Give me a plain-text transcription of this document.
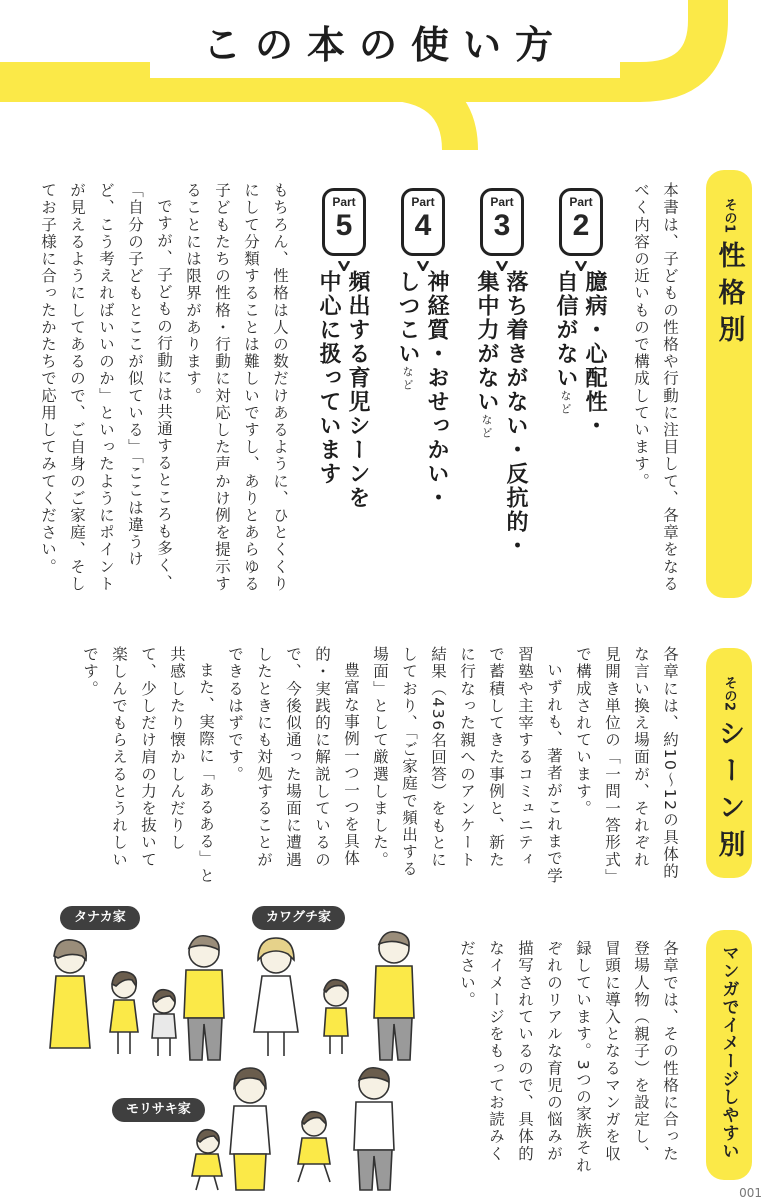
この本の使い方
その1
性格別
その2
シーン別
マンガでイメージしやすい
本書は、子どもの性格や行動に注目して、各章をなるべく内容の近いもので構成しています。
Part
2
Part
3
Part
4
Part
5
臆病・心配性・自信がないなど
落ち着きがない・反抗的・集中力がないなど
神経質・おせっかい・しつこいなど
頻出する育児シーンを中心に扱っています

もちろん、性格は人の数だけあるように、ひとくくりにして分類することは難しいですし、ありとあらゆる子どもたちの性格・行動に対応した声かけ例を提示することには限界があります。

ですが、子どもの行動には共通するところも多く、「自分の子どもとここが似ている」「ここは違うけど、こう考えればいいのか」といったようにポイントが見えるようにしてあるので、ご自身のご家庭、そしてお子様に合ったかたちで応用してみてください。

各章には、約10～12の具体的な言い換え場面が、それぞれ見開き単位の「一問一答形式」で構成されています。

いずれも、著者がこれまで学習塾や主宰するコミュニティで蓄積してきた事例と、新たに行なった親へのアンケート結果（436名回答）をもとにしており、「ご家庭で頻出する場面」として厳選しました。

豊富な事例一つ一つを具体的・実践的に解説しているので、今後似通った場面に遭遇したときにも対処することができるはずです。

また、実際に「あるある」と共感したり懐かしんだりして、少しだけ肩の力を抜いて楽しんでもらえるとうれしいです。

各章では、その性格に合った登場人物（親子）を設定し、冒頭に導入となるマンガを収録しています。3つの家族それぞれのリアルな育児の悩みが描写されているので、具体的なイメージをもってお読みください。

タナカ家	カワグチ家
モリサキ家
001
